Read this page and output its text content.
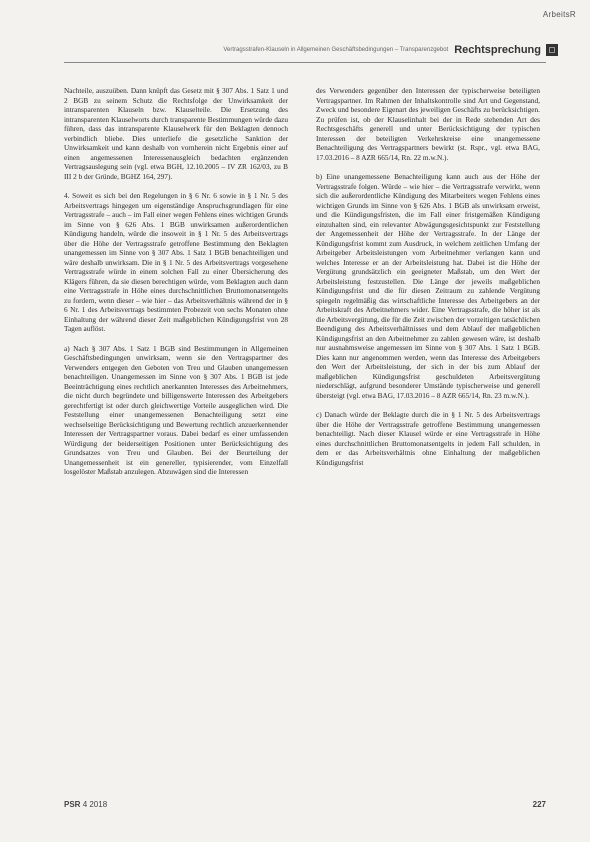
ArbeitsR
Vertragsstrafen-Klauseln in Allgemeinen Geschäftsbedingungen – Transparenzgebot Rechtsprechung

Nachteile, auszuüben. Dann knüpft das Gesetz mit § 307 Abs. 1 Satz 1 und 2 BGB zu seinem Schutz die Rechtsfolge der Unwirksamkeit der intransparenten Klauseln bzw. Klauselteile. Die Ersetzung des intransparenten Klauselworts durch transparente Bestimmungen würde dazu führen, dass das intransparente Klauselwerk für den Beklagten dennoch verbindlich bliebe. Dies unterliefe die gesetzliche Sanktion der Unwirksamkeit und kann deshalb von vornherein nicht Ergebnis einer auf einen angemessenen Interessenausgleich bedachten ergänzenden Vertragsauslegung sein (vgl. etwa BGH, 12.10.2005 – IV ZR 162/03, zu B III 2 b der Gründe, BGHZ 164, 297).

4. Soweit es sich bei den Regelungen in § 6 Nr. 6 sowie in § 1 Nr. 5 des Arbeitsvertrags hingegen um eigenständige Anspruchsgrundlagen für eine Vertragsstrafe – auch – im Fall einer wegen Fehlens eines wichtigen Grunds im Sinne von § 626 Abs. 1 BGB unwirksamen außerordentlichen Kündigung handeln, würde die insoweit in § 1 Nr. 5 des Arbeitsvertrags über die Höhe der Vertragsstrafe getroffene Bestimmung den Beklagten unangemessen im Sinne von § 307 Abs. 1 Satz 1 BGB benachteiligen und wäre deshalb unwirksam. Die in § 1 Nr. 5 des Arbeitsvertrags vorgesehene Vertragsstrafe würde in einem solchen Fall zu einer Übersicherung des Klägers führen, da sie diesen berechtigen würde, vom Beklagten auch dann eine Vertragsstrafe in Höhe eines durchschnittlichen Bruttomonatsentgelts zu fordern, wenn dieser – wie hier – das Arbeitsverhältnis während der in § 6 Nr. 1 des Arbeitsvertrags bestimmten Probezeit von sechs Monaten ohne Einhaltung der während dieser Zeit maßgeblichen Kündigungsfrist von 28 Tagen auflöst.

a) Nach § 307 Abs. 1 Satz 1 BGB sind Bestimmungen in Allgemeinen Geschäftsbedingungen unwirksam, wenn sie den Vertragspartner des Verwenders entgegen den Geboten von Treu und Glauben unangemessen benachteiligen. Unangemessen im Sinne von § 307 Abs. 1 BGB ist jede Beeinträchtigung eines rechtlich anerkannten Interesses des Arbeitnehmers, die nicht durch begründete und billigenswerte Interessen des Arbeitgebers gerechtfertigt ist oder durch gleichwertige Vorteile ausgeglichen wird. Die Feststellung einer unangemessenen Benachteiligung setzt eine wechselseitige Berücksichtigung und Bewertung rechtlich anzuerkennender Interessen der Vertragspartner voraus. Dabei bedarf es einer umfassenden Würdigung der beiderseitigen Positionen unter Berücksichtigung des Grundsatzes von Treu und Glauben. Bei der Beurteilung der Unangemessenheit ist ein genereller, typisierender, vom Einzelfall losgelöster Maßstab anzulegen. Abzuwägen sind die Interessen

des Verwenders gegenüber den Interessen der typischerweise beteiligten Vertragspartner. Im Rahmen der Inhaltskontrolle sind Art und Gegenstand, Zweck und besondere Eigenart des jeweiligen Geschäfts zu berücksichtigen. Zu prüfen ist, ob der Klauselinhalt bei der in Rede stehenden Art des Rechtsgeschäfts generell und unter Berücksichtigung der typischen Interessen der beteiligten Verkehrskreise eine unangemessene Benachteiligung des Vertragspartners bewirkt (st. Rspr., vgl. etwa BAG, 17.03.2016 – 8 AZR 665/14, Rn. 22 m.w.N.).

b) Eine unangemessene Benachteiligung kann auch aus der Höhe der Vertragsstrafe folgen. Würde – wie hier – die Vertragsstrafe verwirkt, wenn sich die außerordentliche Kündigung des Mitarbeiters wegen Fehlens eines wichtigen Grunds im Sinne von § 626 Abs. 1 BGB als unwirksam erweist, und die Kündigungsfristen, die im Fall einer fristgemäßen Kündigung einzuhalten sind, ein relevanter Abwägungsgesichtspunkt zur Feststellung der Angemessenheit der Höhe der Vertragsstrafe. In der Länge der Kündigungsfrist kommt zum Ausdruck, in welchem zeitlichen Umfang der Arbeitgeber Arbeitsleistungen vom Arbeitnehmer verlangen kann und welches Interesse er an der Arbeitsleistung hat. Dabei ist die Höhe der Vergütung grundsätzlich ein geeigneter Maßstab, um den Wert der Arbeitsleistung festzustellen. Die Länge der jeweils maßgeblichen Kündigungsfrist und die für diesen Zeitraum zu zahlende Vergütung spiegeln regelmäßig das wirtschaftliche Interesse des Arbeitgebers an der Arbeitskraft des Arbeitnehmers wider. Eine Vertragsstrafe, die höher ist als die Arbeitsvergütung, die für die Zeit zwischen der vorzeitigen tatsächlichen Beendigung des Arbeitsverhältnisses und dem Ablauf der maßgeblichen Kündigungsfrist an den Arbeitnehmer zu zahlen gewesen wäre, ist deshalb nur ausnahmsweise angemessen im Sinne von § 307 Abs. 1 Satz 1 BGB. Dies kann nur angenommen werden, wenn das Interesse des Arbeitgebers den Wert der Arbeitsleistung, der sich in der bis zum Ablauf der maßgeblichen Kündigungsfrist geschuldeten Arbeitsvergütung niederschlägt, aufgrund besonderer Umstände typischerweise und generell übersteigt (vgl. etwa BAG, 17.03.2016 – 8 AZR 665/14, Rn. 23 m.w.N.).

c) Danach würde der Beklagte durch die in § 1 Nr. 5 des Arbeitsvertrags über die Höhe der Vertragsstrafe getroffene Bestimmung unangemessen benachteiligt. Nach dieser Klausel würde er eine Vertragsstrafe in Höhe eines durchschnittlichen Bruttomonatsentgelts in jedem Fall schulden, in dem er das Arbeitsverhältnis ohne Einhaltung der maßgeblichen Kündigungsfrist

PSR 4 2018	227
